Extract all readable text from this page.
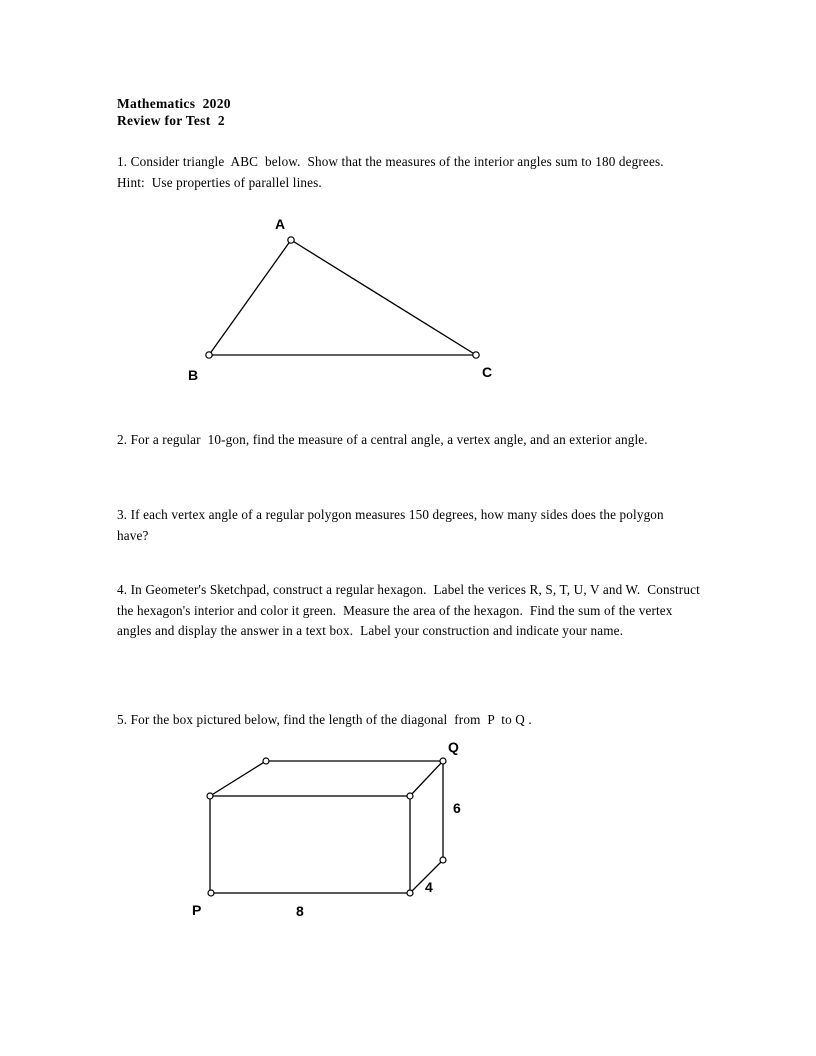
Mathematics  2020
Review for Test  2
1. Consider triangle  ABC  below.  Show that the measures of the interior angles sum to 180 degrees.  Hint:  Use properties of parallel lines.
A
B	C
2. For a regular  10-gon, find the measure of a central angle, a vertex angle, and an exterior angle.
3. If each vertex angle of a regular polygon measures 150 degrees, how many sides does the polygon have?
4. In Geometer's Sketchpad, construct a regular hexagon.  Label the verices R, S, T, U, V and W.  Construct the hexagon's interior and color it green.  Measure the area of the hexagon.  Find the sum of the vertex angles and display the answer in a text box.  Label your construction and indicate your name.
5. For the box pictured below, find the length of the diagonal  from  P  to Q .
P
Q
8
4
6
